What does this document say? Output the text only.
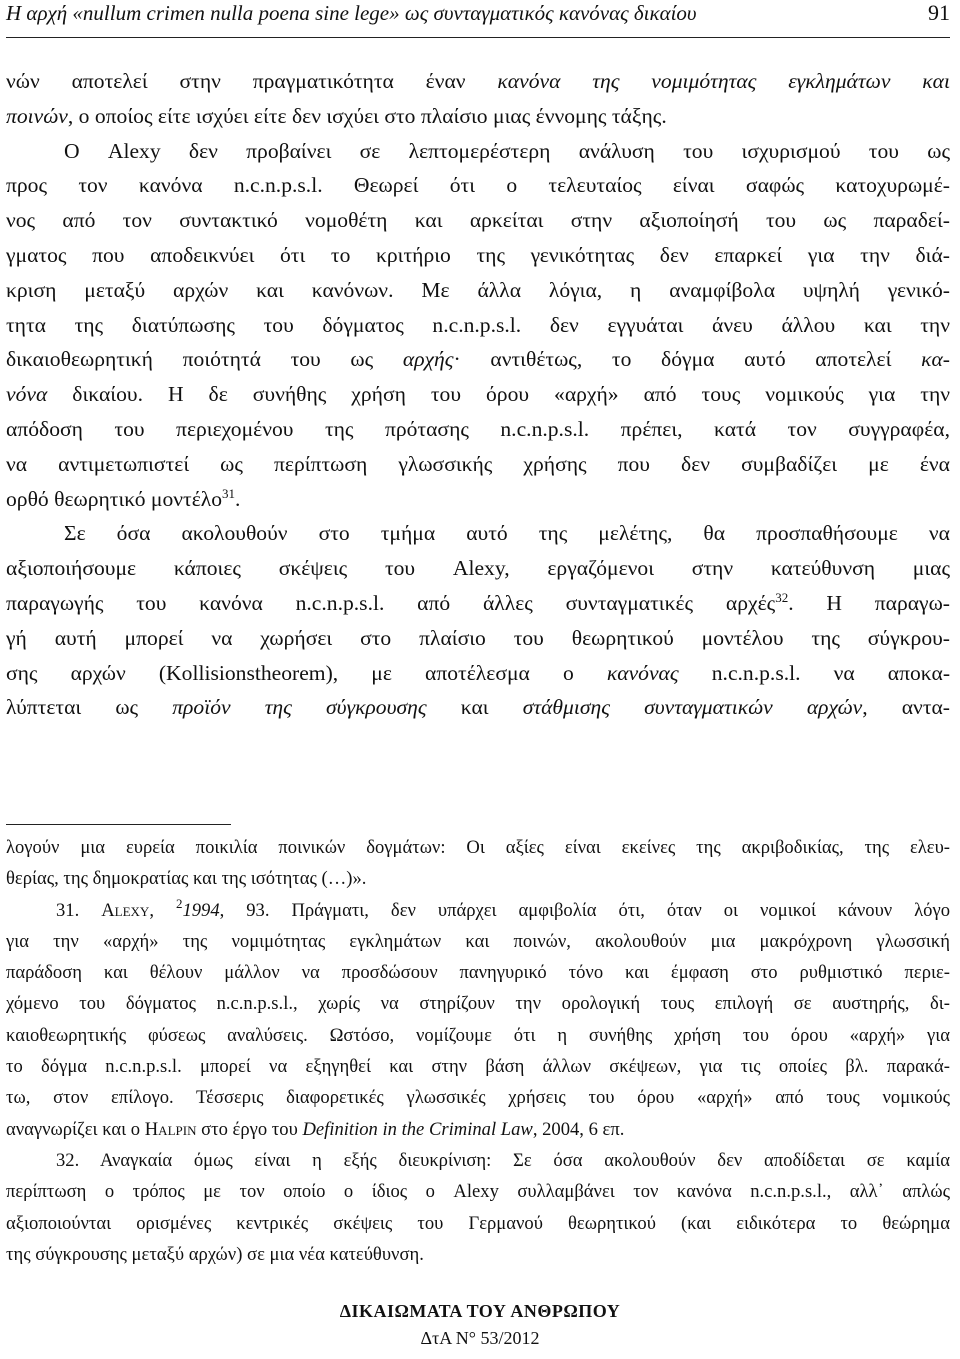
Η αρχή «nullum crimen nulla poena sine lege» ως συνταγματικός κανόνας δικαίου	91
νών αποτελεί στην πραγματικότητα έναν κανόνα της νομιμότητας εγκλημάτων και
ποινών, ο οποίος είτε ισχύει είτε δεν ισχύει στο πλαίσιο μιας έννομης τάξης.
Ο Alexy δεν προβαίνει σε λεπτομερέστερη ανάλυση του ισχυρισμού του ως
προς τον κανόνα n.c.n.p.s.l. Θεωρεί ότι ο τελευταίος είναι σαφώς κατοχυρωμέ-
νος από τον συντακτικό νομοθέτη και αρκείται στην αξιοποίησή του ως παραδεί-
γματος που αποδεικνύει ότι το κριτήριο της γενικότητας δεν επαρκεί για την διά-
κριση μεταξύ αρχών και κανόνων. Με άλλα λόγια, η αναμφίβολα υψηλή γενικό-
τητα της διατύπωσης του δόγματος n.c.n.p.s.l. δεν εγγυάται άνευ άλλου και την
δικαιοθεωρητική ποιότητά του ως αρχής· αντιθέτως, το δόγμα αυτό αποτελεί κα-
νόνα δικαίου. Η δε συνήθης χρήση του όρου «αρχή» από τους νομικούς για την
απόδοση του περιεχομένου της πρότασης n.c.n.p.s.l. πρέπει, κατά τον συγγραφέα,
να αντιμετωπιστεί ως περίπτωση γλωσσικής χρήσης που δεν συμβαδίζει με ένα
ορθό θεωρητικό μοντέλο$^{31}$.
Σε όσα ακολουθούν στο τμήμα αυτό της μελέτης, θα προσπαθήσουμε να
αξιοποιήσουμε κάποιες σκέψεις του Alexy, εργαζόμενοι στην κατεύθυνση μιας
παραγωγής του κανόνα n.c.n.p.s.l. από άλλες συνταγματικές αρχές$^{32}$. Η παραγω-
γή αυτή μπορεί να χωρήσει στο πλαίσιο του θεωρητικού μοντέλου της σύγκρου-
σης αρχών (Kollisionstheorem), με αποτέλεσμα ο κανόνας n.c.n.p.s.l. να αποκα-
λύπτεται ως προϊόν της σύγκρουσης και στάθμισης συνταγματικών αρχών, αντα-
λογούν μια ευρεία ποικιλία ποινικών δογμάτων: Οι αξίες είναι εκείνες της ακριβοδικίας, της ελευ-
θερίας, της δημοκρατίας και της ισότητας (…)».
31. Alexy, $^2$1994, 93. Πράγματι, δεν υπάρχει αμφιβολία ότι, όταν οι νομικοί κάνουν λόγο
για την «αρχή» της νομιμότητας εγκλημάτων και ποινών, ακολουθούν μια μακρόχρονη γλωσσική
παράδοση και θέλουν μάλλον να προσδώσουν πανηγυρικό τόνο και έμφαση στο ρυθμιστικό περιε-
χόμενο του δόγματος n.c.n.p.s.l., χωρίς να στηρίζουν την ορολογική τους επιλογή σε αυστηρής, δι-
καιοθεωρητικής φύσεως αναλύσεις. Ωστόσο, νομίζουμε ότι η συνήθης χρήση του όρου «αρχή» για
το δόγμα n.c.n.p.s.l. μπορεί να εξηγηθεί και στην βάση άλλων σκέψεων, για τις οποίες βλ. παρακά-
τω, στον επίλογο. Τέσσερις διαφορετικές γλωσσικές χρήσεις του όρου «αρχή» από τους νομικούς
αναγνωρίζει και ο Halpin στο έργο του Definition in the Criminal Law, 2004, 6 επ.
32. Αναγκαία όμως είναι η εξής διευκρίνιση: Σε όσα ακολουθούν δεν αποδίδεται σε καμία
περίπτωση ο τρόπος με τον οποίο ο ίδιος ο Alexy συλλαμβάνει τον κανόνα n.c.n.p.s.l., αλλ᾽ απλώς
αξιοποιούνται ορισμένες κεντρικές σκέψεις του Γερμανού θεωρητικού (και ειδικότερα το θεώρημα
της σύγκρουσης μεταξύ αρχών) σε μια νέα κατεύθυνση.
ΔΙΚΑΙΩΜΑΤΑ ΤΟΥ ΑΝΘΡΩΠΟΥ
ΔτΑ Ν° 53/2012
